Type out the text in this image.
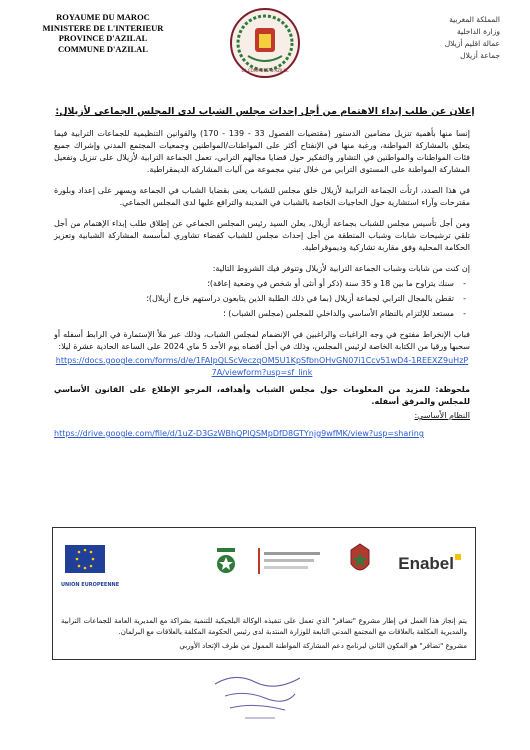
ROYAUME DU MAROC
MINISTERE DE L'INTERIEUR
PROVINCE D'AZILAL
COMMUNE D'AZILAL
LA COMMUNE D'AZILAL
المملكة المغربية
وزارة الداخلية
عمالة اقليم أزيلال
جماعة أزيلال
إعلان عن طلب إبداء الاهتمام من أجل إحداث مجلس الشباب لدى المجلس الجماعي لأزيلال:

إنسا منها بأهمية تنزيل مضامين الدستور (مقتضيات الفصول 33 - 139 - 170) والقوانين التنظيمية للجماعات الترابية فيما يتعلق بالمشاركة المواطنة، ورغبة منها في الإنفتاح أكثر على المواطنات/المواطنين وجمعيات المجتمع المدني وإشراك جميع فئات المواطنات والمواطنين في التشاور والتفكير حول قضايا مجالهم الترابي، تعمل الجماعة الترابية لأزيلال على تنزيل وتفعيل المشاركة المواطنة على المستوى الترابي من خلال تبني مجموعة من آليات المشاركة الديمقراطية.

في هذا الصدد، ارتأت الجماعة الترابية لأزيلال خلق مجلس للشباب يعنى بقضايا الشباب في الجماعة ويسهر على إعداد وبلورة مقترحات وآراء استشارية حول الحاجيات الخاصة بالشباب في المدينة والترافع عليها لدى المجلس الجماعي.

ومن أجل تأسيس مجلس للشباب بجماعة أزيلال، يعلن السيد رئيس المجلس الجماعي عن إطلاق طلب إبداء الإهتمام من أجل تلقي ترشيحات شابات وشباب المنطقة من أجل إحداث مجلس للشباب كفضاء تشاوري لمأسسة المشاركة الشبابية وتعزيز الحكامة المحلية وفق مقاربة تشاركية وديموقراطية.

إن كنت من شابات وشباب الجماعة الترابية لأزيلال وتتوفر فيك الشروط التالية:

- سنك يتراوح ما بين 18 و 35 سنة (ذكر أو أنثى أو شخص في وضعية إعاقة)؛
- تقطن بالمجال الترابي لجماعة أزيلال (بما في ذلك الطلبة الذين يتابعون دراستهم خارج أزيلال)؛
- مستعد للإلتزام بالنظام الأساسي والداخلي للمجلس (مجلس الشباب) ؛

فباب الإنخراط مفتوح في وجه الراغبات والراغبين في الإنضمام لمجلس الشباب، وذلك عبر ملأ الإستمارة في الرابط أسفله أو سحبها ورقيا من الكتابة الخاصة لرئيس المجلس، وذلك في أجل أقصاه يوم الأحد 5 ماي 2024 على الساعة الحادية عشرة ليلا:

https://docs.google.com/forms/d/e/1FAIpQLScVeczqOM5U1KpSfbnOHvGN07i1Ccv51wD4-1REEXZ9uHzP7A/viewform?usp=sf_link

ملحوظة: للمزيد من المعلومات حول مجلس الشباب وأهدافه، المرجو الإطلاع على القانون الأساسي للمجلس والمرفق أسفله.

النظام الأساسي:

https://drive.google.com/file/d/1uZ-D3GzWBhQPIQSMpDfD8GTYnjg9wfMK/view?usp=sharing
UNION EUROPEENNE
Enabel
يتم إنجاز هذا العمل في إطار مشروع "تضافر" الذي تعمل على تنفيذه الوكالة البلجيكية للتنمية بشراكة مع المديرية العامة للجماعات الترابية والمديرية المكلفة بالعلاقات مع المجتمع المدني التابعة للوزارة المنتدبة لدى رئيس الحكومة المكلفة بالعلاقات مع البرلمان.
مشروع "تضافر" هو المكون الثاني لبرنامج دعم المشاركة المواطنة الممول من طرف الإتحاد الأوربي
